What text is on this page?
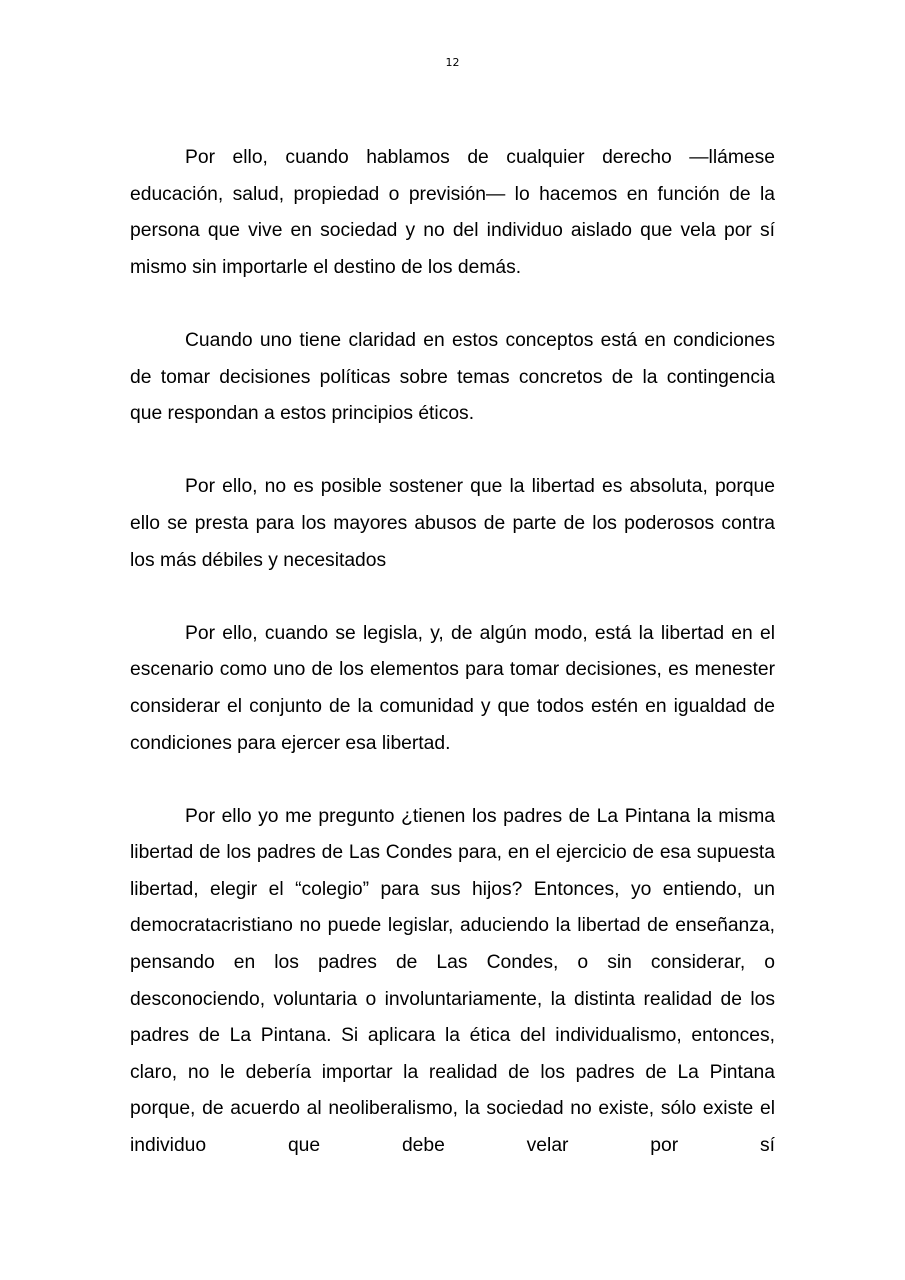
12

Por ello, cuando hablamos de cualquier derecho —llámese educación, salud, propiedad o previsión— lo hacemos en función de la persona que vive en sociedad y no del individuo aislado que vela por sí mismo sin importarle el destino de los demás.

Cuando uno tiene claridad en estos conceptos está en condiciones de tomar decisiones políticas sobre temas concretos de la contingencia que respondan a estos principios éticos.

Por ello, no es posible sostener que la libertad es absoluta, porque ello se presta para los mayores abusos de parte de los poderosos contra los más débiles y necesitados

Por ello, cuando se legisla, y, de algún modo, está la libertad en el escenario como uno de los elementos para tomar decisiones, es menester considerar el conjunto de la comunidad y que todos estén en igualdad de condiciones para ejercer esa libertad.

Por ello yo me pregunto ¿tienen los padres de La Pintana la misma libertad de los padres de Las Condes para, en el ejercicio de esa supuesta libertad, elegir el “colegio” para sus hijos? Entonces, yo entiendo, un democratacristiano no puede legislar, aduciendo la libertad de enseñanza, pensando en los padres de Las Condes, o sin considerar, o desconociendo, voluntaria o involuntariamente, la distinta realidad de los padres de La Pintana. Si aplicara la ética del individualismo, entonces, claro, no le debería importar la realidad de los padres de La Pintana porque, de acuerdo al neoliberalismo, la sociedad no existe, sólo existe el individuo que debe velar por sí
